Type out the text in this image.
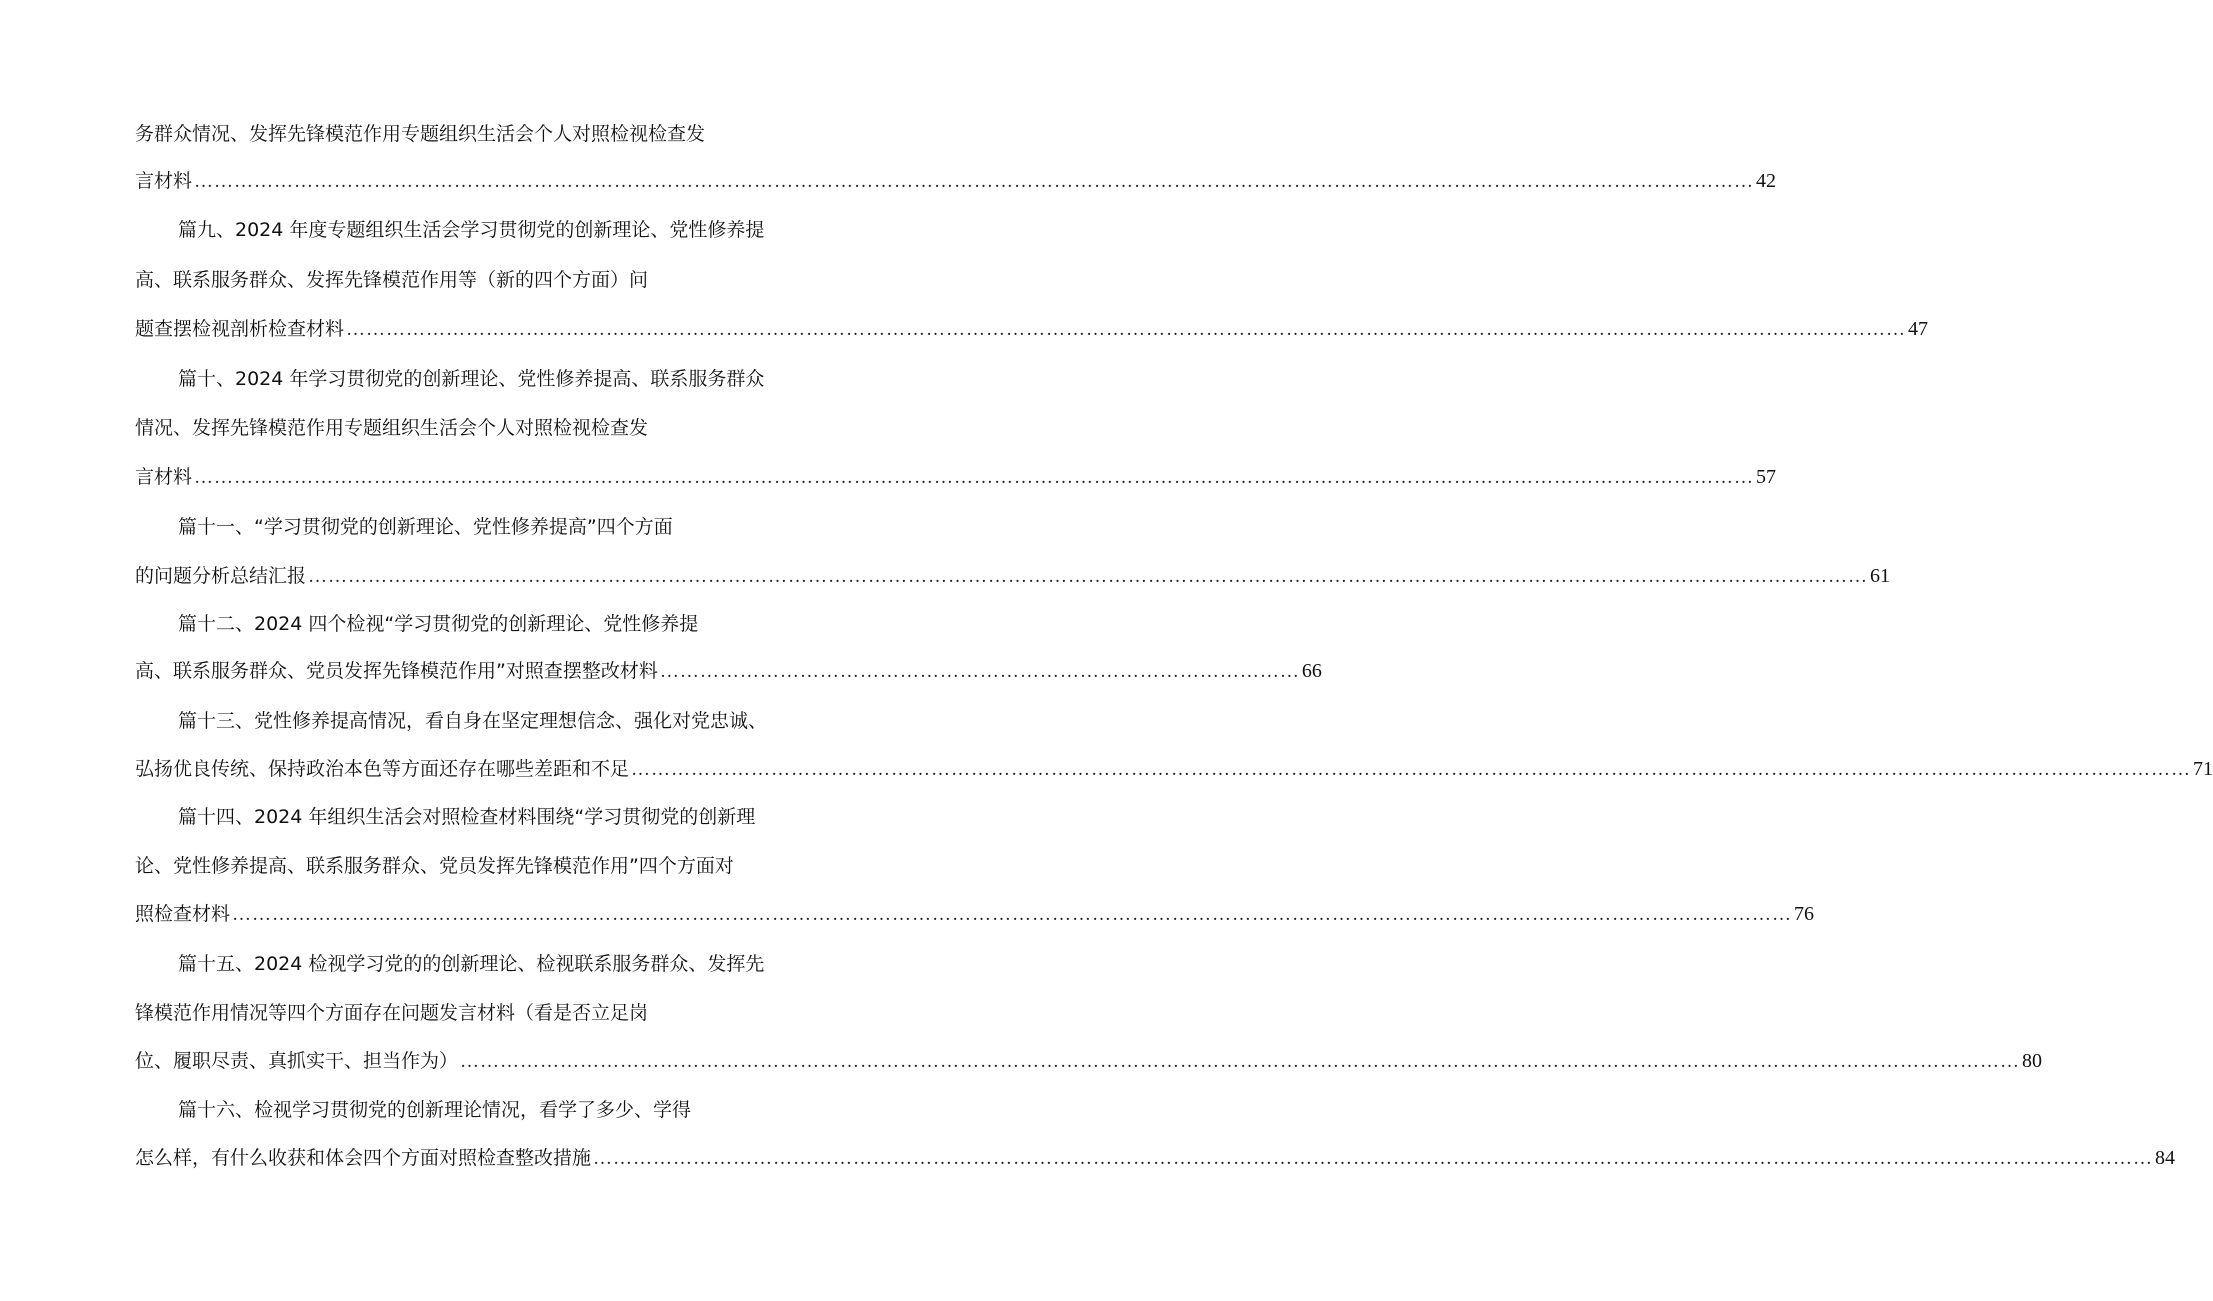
务群众情况、发挥先锋模范作用专题组织生活会个人对照检视检查发
言材料 ……………………………………………………………………………………………………………………………………………………………………………………………………………… 42
篇九、2024 年度专题组织生活会学习贯彻党的创新理论、党性修养提
高、联系服务群众、发挥先锋模范作用等（新的四个方面）问
题查摆检视剖析检查材料 ……………………………………………………………………………………………………………………………………………………………………………………………………………… 47
篇十、2024 年学习贯彻党的创新理论、党性修养提高、联系服务群众
情况、发挥先锋模范作用专题组织生活会个人对照检视检查发
言材料 ……………………………………………………………………………………………………………………………………………………………………………………………………………… 57
篇十一、“学习贯彻党的创新理论、党性修养提高”四个方面
的问题分析总结汇报 ……………………………………………………………………………………………………………………………………………………………………………………………………………… 61
篇十二、2024 四个检视“学习贯彻党的创新理论、党性修养提
高、联系服务群众、党员发挥先锋模范作用”对照查摆整改材料 …………………………………………………………………………………… 66
篇十三、党性修养提高情况，看自身在坚定理想信念、强化对党忠诚、
弘扬优良传统、保持政治本色等方面还存在哪些差距和不足 ……………………………………………………………………………………………………………………………………………………………………………………………………………… 71
篇十四、2024 年组织生活会对照检查材料围绕“学习贯彻党的创新理
论、党性修养提高、联系服务群众、党员发挥先锋模范作用”四个方面对
照检查材料 ……………………………………………………………………………………………………………………………………………………………………………………………………………… 76
篇十五、2024 检视学习党的的创新理论、检视联系服务群众、发挥先
锋模范作用情况等四个方面存在问题发言材料（看是否立足岗
位、履职尽责、真抓实干、担当作为） ……………………………………………………………………………………………………………………………………………………………………………………………………………… 80
篇十六、检视学习贯彻党的创新理论情况，看学了多少、学得
怎么样，有什么收获和体会四个方面对照检查整改措施 ……………………………………………………………………………………………………………………………………………………………………………………………………………… 84
